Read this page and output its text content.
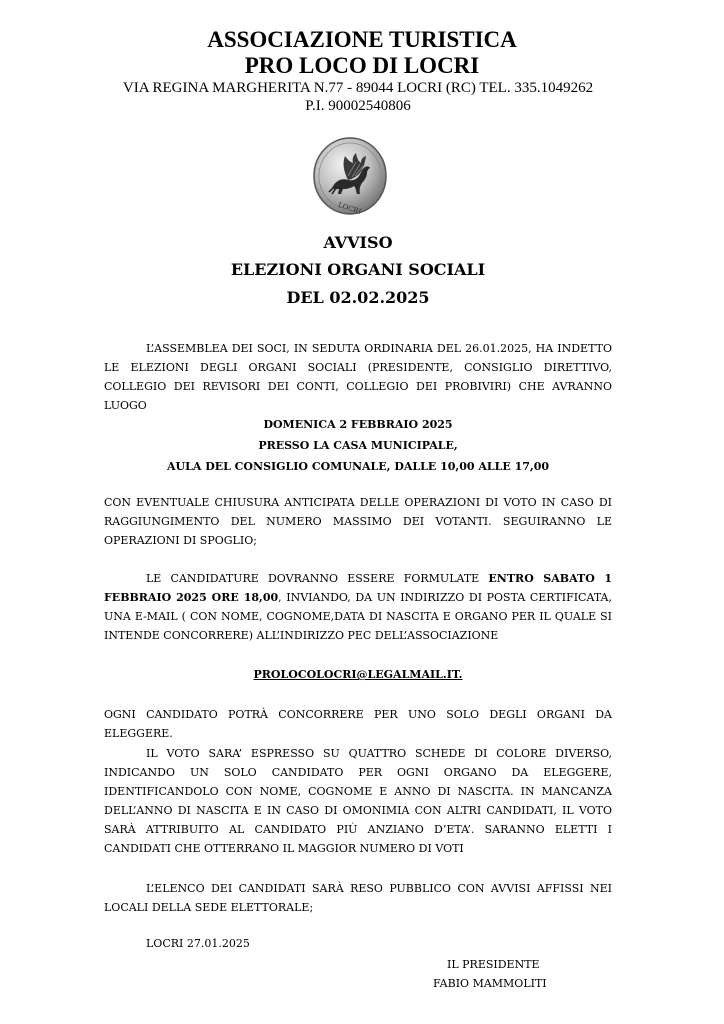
ASSOCIAZIONE TURISTICA

PRO LOCO DI LOCRI

VIA REGINA MARGHERITA N.77 - 89044 LOCRI (RC) TEL. 335.1049262

P.I. 90002540806

LOCRI

AVVISO

ELEZIONI ORGANI SOCIALI

DEL 02.02.2025

L’ASSEMBLEA DEI SOCI, IN SEDUTA ORDINARIA DEL 26.01.2025, HA INDETTO LE ELEZIONI DEGLI ORGANI SOCIALI (PRESIDENTE, CONSIGLIO DIRETTIVO, COLLEGIO DEI REVISORI DEI CONTI, COLLEGIO DEI PROBIVIRI) CHE AVRANNO LUOGO

DOMENICA 2 FEBBRAIO 2025

PRESSO LA CASA MUNICIPALE,

AULA DEL CONSIGLIO COMUNALE, DALLE 10,00 ALLE 17,00

CON EVENTUALE CHIUSURA ANTICIPATA DELLE OPERAZIONI DI VOTO IN CASO DI RAGGIUNGIMENTO DEL NUMERO MASSIMO DEI VOTANTI. SEGUIRANNO LE OPERAZIONI DI SPOGLIO;

LE CANDIDATURE DOVRANNO ESSERE FORMULATE ENTRO SABATO 1 FEBBRAIO 2025 ORE 18,00, INVIANDO, DA UN INDIRIZZO DI POSTA CERTIFICATA, UNA E-MAIL ( CON NOME, COGNOME,DATA DI NASCITA E ORGANO PER IL QUALE SI INTENDE CONCORRERE) ALL’INDIRIZZO PEC DELL’ASSOCIAZIONE

PROLOCOLOCRI@LEGALMAIL.IT.

OGNI CANDIDATO POTRÀ CONCORRERE PER UNO SOLO DEGLI ORGANI DA ELEGGERE.

IL VOTO SARA’ ESPRESSO SU QUATTRO SCHEDE DI COLORE DIVERSO, INDICANDO UN SOLO CANDIDATO PER OGNI ORGANO DA ELEGGERE, IDENTIFICANDOLO CON NOME, COGNOME E ANNO DI NASCITA. IN MANCANZA DELL’ANNO DI NASCITA E IN CASO DI OMONIMIA CON ALTRI CANDIDATI, IL VOTO SARÀ ATTRIBUITO AL CANDIDATO PIÙ ANZIANO D’ETA’. SARANNO ELETTI I CANDIDATI CHE OTTERRANO IL MAGGIOR NUMERO DI VOTI

L’ELENCO DEI CANDIDATI SARÀ RESO PUBBLICO CON AVVISI AFFISSI NEI LOCALI DELLA SEDE ELETTORALE;

LOCRI 27.01.2025

IL PRESIDENTE

FABIO MAMMOLITI
